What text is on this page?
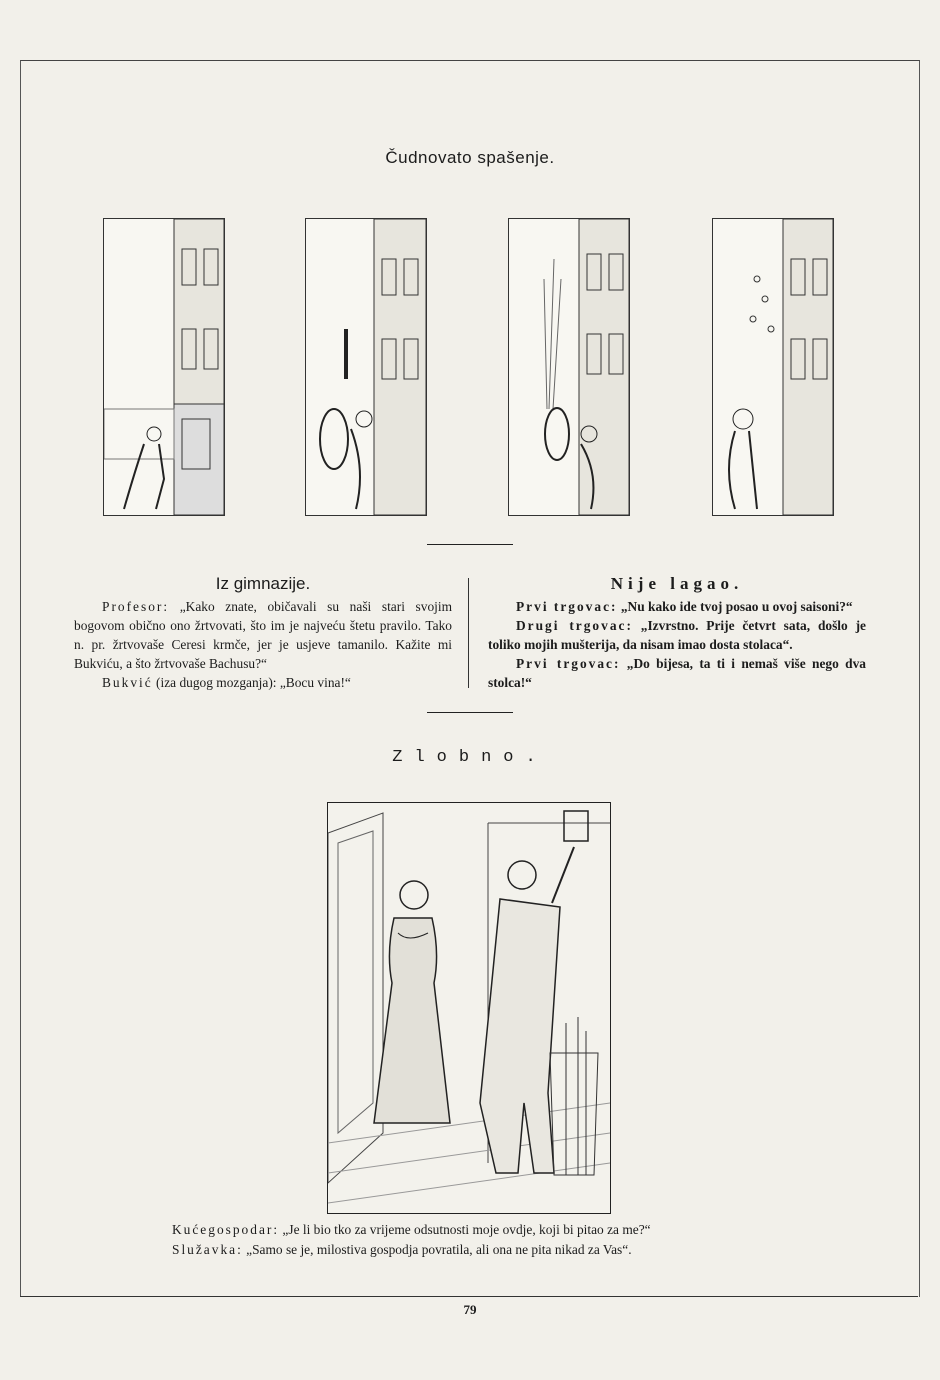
Čudnovato spašenje.
Iz gimnazije.

Profesor: „Kako znate, običavali su naši stari svojim bogovom obično ono žrtvovati, što im je najveću štetu pravilo. Tako n. pr. žrtvovaše Ceresi krmče, jer je usjeve tamanilo. Kažite mi Bukviću, a što žrtvovaše Bachusu?“

Bukvić (iza dugog mozganja): „Bocu vina!“

Nije lagao.

Prvi trgovac: „Nu kako ide tvoj posao u ovoj saisoni?“

Drugi trgovac: „Izvrstno. Prije četvrt sata, došlo je toliko mojih mušterija, da nisam imao dosta stolaca“.

Prvi trgovac: „Do bijesa, ta ti i nemaš više nego dva stolca!“

Zlobno.

Kućegospodar: „Je li bio tko za vrijeme odsutnosti moje ovdje, koji bi pitao za me?“

Služavka: „Samo se je, milostiva gospodja povratila, ali ona ne pita nikad za Vas“.

79
